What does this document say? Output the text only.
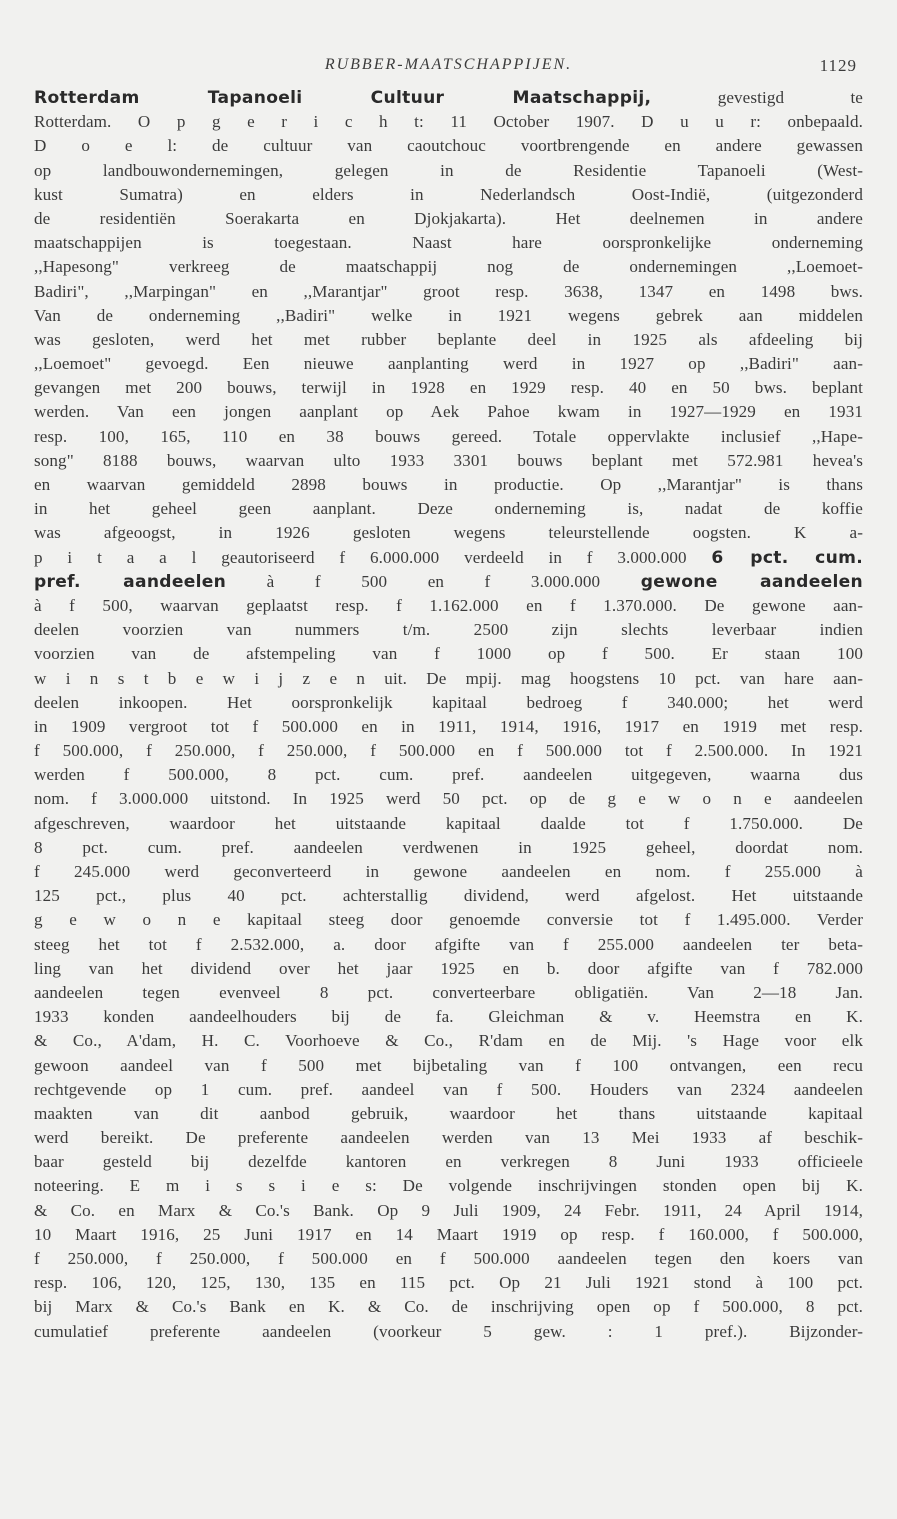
RUBBER-MAATSCHAPPIJEN.	1129
Rotterdam Tapanoeli Cultuur Maatschappij, gevestigd te
Rotterdam. O p g e r i c h t: 11 October 1907. D u u r: onbepaald.
D o e l: de cultuur van caoutchouc voortbrengende en andere gewassen
op landbouwondernemingen, gelegen in de Residentie Tapanoeli (West-
kust Sumatra) en elders in Nederlandsch Oost-Indië, (uitgezonderd
de residentiën Soerakarta en Djokjakarta). Het deelnemen in andere
maatschappijen is toegestaan. Naast hare oorspronkelijke onderneming
,,Hapesong" verkreeg de maatschappij nog de ondernemingen ,,Loemoet-
Badiri", ,,Marpingan" en ,,Marantjar" groot resp. 3638, 1347 en 1498 bws.
Van de onderneming ,,Badiri" welke in 1921 wegens gebrek aan middelen
was gesloten, werd het met rubber beplante deel in 1925 als afdeeling bij
,,Loemoet" gevoegd. Een nieuwe aanplanting werd in 1927 op ,,Badiri" aan-
gevangen met 200 bouws, terwijl in 1928 en 1929 resp. 40 en 50 bws. beplant
werden. Van een jongen aanplant op Aek Pahoe kwam in 1927—1929 en 1931
resp. 100, 165, 110 en 38 bouws gereed. Totale oppervlakte inclusief ,,Hape-
song" 8188 bouws, waarvan ulto 1933 3301 bouws beplant met 572.981 hevea's
en waarvan gemiddeld 2898 bouws in productie. Op ,,Marantjar" is thans
in het geheel geen aanplant. Deze onderneming is, nadat de koffie
was afgeoogst, in 1926 gesloten wegens teleurstellende oogsten. K a-
p i t a a l geautoriseerd f 6.000.000 verdeeld in f 3.000.000 6 pct. cum.
pref. aandeelen à f 500 en f 3.000.000 gewone aandeelen
à f 500, waarvan geplaatst resp. f 1.162.000 en f 1.370.000. De gewone aan-
deelen voorzien van nummers t/m. 2500 zijn slechts leverbaar indien
voorzien van de afstempeling van f 1000 op f 500. Er staan 100
w i n s t b e w i j z e n uit. De mpij. mag hoogstens 10 pct. van hare aan-
deelen inkoopen. Het oorspronkelijk kapitaal bedroeg f 340.000; het werd
in 1909 vergroot tot f 500.000 en in 1911, 1914, 1916, 1917 en 1919 met resp.
f 500.000, f 250.000, f 250.000, f 500.000 en f 500.000 tot f 2.500.000. In 1921
werden f 500.000, 8 pct. cum. pref. aandeelen uitgegeven, waarna dus
nom. f 3.000.000 uitstond. In 1925 werd 50 pct. op de g e w o n e aandeelen
afgeschreven, waardoor het uitstaande kapitaal daalde tot f 1.750.000. De
8 pct. cum. pref. aandeelen verdwenen in 1925 geheel, doordat nom.
f 245.000 werd geconverteerd in gewone aandeelen en nom. f 255.000 à
125 pct., plus 40 pct. achterstallig dividend, werd afgelost. Het uitstaande
g e w o n e kapitaal steeg door genoemde conversie tot f 1.495.000. Verder
steeg het tot f 2.532.000, a. door afgifte van f 255.000 aandeelen ter beta-
ling van het dividend over het jaar 1925 en b. door afgifte van f 782.000
aandeelen tegen evenveel 8 pct. converteerbare obligatiën. Van 2—18 Jan.
1933 konden aandeelhouders bij de fa. Gleichman & v. Heemstra en K.
& Co., A'dam, H. C. Voorhoeve & Co., R'dam en de Mij. 's Hage voor elk
gewoon aandeel van f 500 met bijbetaling van f 100 ontvangen, een recu
rechtgevende op 1 cum. pref. aandeel van f 500. Houders van 2324 aandeelen
maakten van dit aanbod gebruik, waardoor het thans uitstaande kapitaal
werd bereikt. De preferente aandeelen werden van 13 Mei 1933 af beschik-
baar gesteld bij dezelfde kantoren en verkregen 8 Juni 1933 officieele
noteering. E m i s s i e s: De volgende inschrijvingen stonden open bij K.
& Co. en Marx & Co.'s Bank. Op 9 Juli 1909, 24 Febr. 1911, 24 April 1914,
10 Maart 1916, 25 Juni 1917 en 14 Maart 1919 op resp. f 160.000, f 500.000,
f 250.000, f 250.000, f 500.000 en f 500.000 aandeelen tegen den koers van
resp. 106, 120, 125, 130, 135 en 115 pct. Op 21 Juli 1921 stond à 100 pct.
bij Marx & Co.'s Bank en K. & Co. de inschrijving open op f 500.000, 8 pct.
cumulatief preferente aandeelen (voorkeur 5 gew. : 1 pref.). Bijzonder-
